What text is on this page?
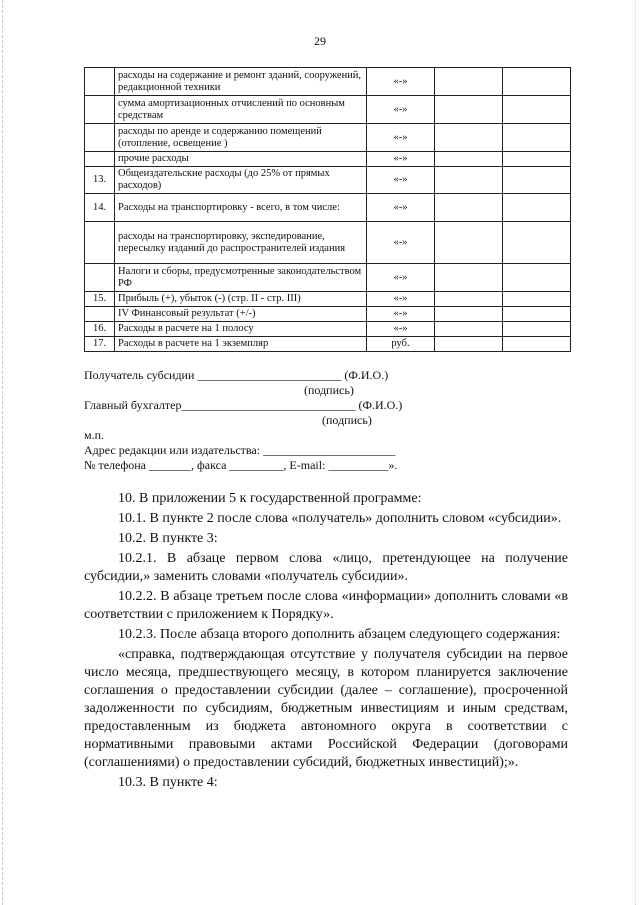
29
	расходы на содержание и ремонт зданий, сооружений, редакционной техники	«-»		
	сумма амортизационных отчислений по основным средствам	«-»		
	расходы по аренде и содержанию помещений (отопление, освещение )	«-»		
	прочие расходы	«-»		
13.	Общеиздательские расходы (до 25% от прямых расходов)	«-»		
14.	Расходы на транспортировку - всего, в том числе:	«-»		
	расходы на транспортировку, экспедирование, пересылку изданий до распространителей издания	«-»		
	Налоги и сборы, предусмотренные законодательством РФ	«-»		
15.	Прибыль (+), убыток (-) (стр. II - стр. III)	«-»		
	IV Финансовый результат (+/-)	«-»		
16.	Расходы в расчете на 1 полосу	«-»		
17.	Расходы в расчете на 1 экземпляр	руб.		
Получатель субсидии ________________________ (Ф.И.О.)
(подпись)
Главный бухгалтер_____________________________ (Ф.И.О.)
(подпись)
м.п.
Адрес редакции или издательства: ______________________
№ телефона _______, факса _________, E-mail: __________».

10. В приложении 5 к государственной программе:

10.1. В пункте 2 после слова «получатель» дополнить словом «субсидии».

10.2. В пункте 3:

10.2.1. В абзаце первом слова «лицо, претендующее на получение субсидии,» заменить словами «получатель субсидии».

10.2.2. В абзаце третьем после слова «информации» дополнить словами «в соответствии с приложением к Порядку».

10.2.3. После абзаца второго дополнить абзацем следующего содержания:

«справка, подтверждающая отсутствие у получателя субсидии на первое число месяца, предшествующего месяцу, в котором планируется заключение соглашения о предоставлении субсидии (далее – соглашение), просроченной задолженности по субсидиям, бюджетным инвестициям и иным средствам, предоставленным из бюджета автономного округа в соответствии с нормативными правовыми актами Российской Федерации (договорами (соглашениями) о предоставлении субсидий, бюджетных инвестиций);».

10.3. В пункте 4:
